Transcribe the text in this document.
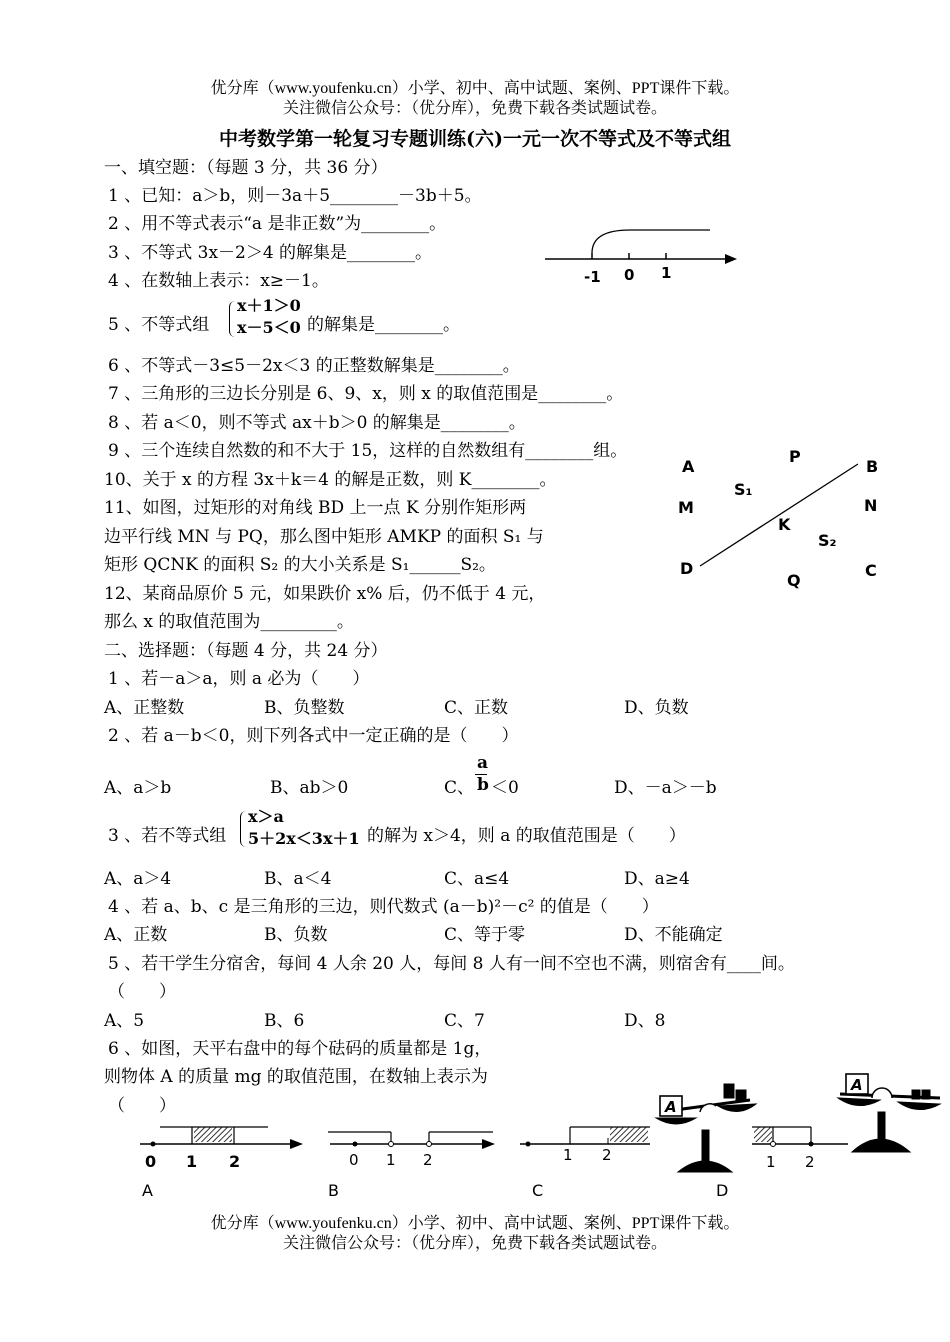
优分库（www.youfenku.cn）小学、初中、高中试题、案例、PPT课件下载。
关注微信公众号：（优分库），免费下载各类试题试卷。
中考数学第一轮复习专题训练(六)一元一次不等式及不等式组
一、填空题：（每题 3 分，共 36 分）
1 、已知：a＞b，则－3a＋5________－3b＋5。
2 、用不等式表示“a 是非正数”为________。
3 、不等式 3x－2＞4 的解集是________。
4 、在数轴上表示：x≥－1。	-1 0 1
5 、不等式组
x＋1＞0
x－5＜0 的解集是________。
6 、不等式－3≤5－2x＜3 的正整数解集是________。
7 、三角形的三边长分别是 6、9、x，则 x 的取值范围是________。
8 、若 a＜0，则不等式 ax＋b＞0 的解集是________。
9 、三个连续自然数的和不大于 15，这样的自然数组有________组。
10、关于 x 的方程 3x＋k＝4 的解是正数，则 K________。
11、如图，过矩形的对角线 BD 上一点 K 分别作矩形两
边平行线 MN 与 PQ，那么图中矩形 AMKP 的面积 S₁ 与
矩形 QCNK 的面积 S₂ 的大小关系是 S₁______S₂。
12、某商品原价 5 元，如果跌价 x% 后，仍不低于 4 元，
那么 x 的取值范围为_________。
A
P
B
S₁
M	N
K
S₂
D
Q
C
二、选择题：（每题 4 分，共 24 分）
1 、若－a＞a，则 a 必为（　　）
A、正整数	B、负整数	C、正数	D、负数
2 、若 a－b＜0，则下列各式中一定正确的是（　　）
A、a＞b	B、ab＞0	C、
a
b ＜0	D、－a＞－b
3 、若不等式组
x＞a
5＋2x＜3x＋1 的解为 x＞4，则 a 的取值范围是（　　）
A、a＞4	B、a＜4	C、a≤4	D、a≥4
4 、若 a、b、c 是三角形的三边，则代数式 (a－b)²－c² 的值是（　　）
A、正数	B、负数	C、等于零	D、不能确定
5 、若干学生分宿舍，每间 4 人余 20 人，每间 8 人有一间不空也不满，则宿舍有____间。
（　　）
A、5	B、6	C、7	D、8
6 、如图，天平右盘中的每个砝码的质量都是 1g，
则物体 A 的质量 mg 的取值范围，在数轴上表示为
（　　）
0 1 2	0 1 2	1 2
A
1 2
A
A	B	C	D
优分库（www.youfenku.cn）小学、初中、高中试题、案例、PPT课件下载。
关注微信公众号：（优分库），免费下载各类试题试卷。
